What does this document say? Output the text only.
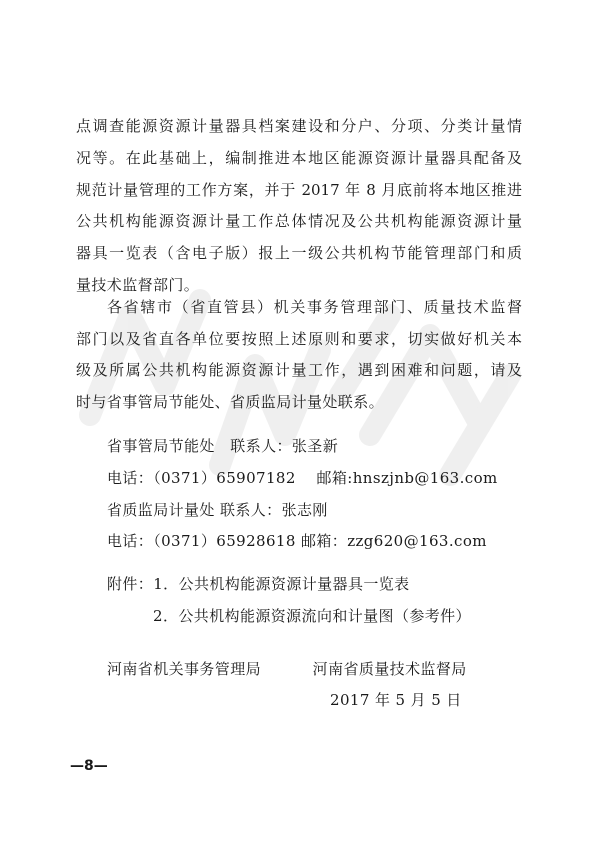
点调查能源资源计量器具档案建设和分户、分项、分类计量情
况等。在此基础上，编制推进本地区能源资源计量器具配备及
规范计量管理的工作方案，并于 2017 年 8 月底前将本地区推进
公共机构能源资源计量工作总体情况及公共机构能源资源计量
器具一览表（含电子版）报上一级公共机构节能管理部门和质
量技术监督部门。
各省辖市（省直管县）机关事务管理部门、质量技术监督
部门以及省直各单位要按照上述原则和要求，切实做好机关本
级及所属公共机构能源资源计量工作，遇到困难和问题，请及
时与省事管局节能处、省质监局计量处联系。
省事管局节能处   联系人：张圣新
电话：（0371）65907182    邮箱:hnszjnb@163.com
省质监局计量处 联系人：张志刚
电话：（0371）65928618 邮箱：zzg620@163.com
附件：1．公共机构能源资源计量器具一览表
2．公共机构能源资源流向和计量图（参考件）
河南省机关事务管理局          河南省质量技术监督局
2017 年 5 月 5 日
—8—
